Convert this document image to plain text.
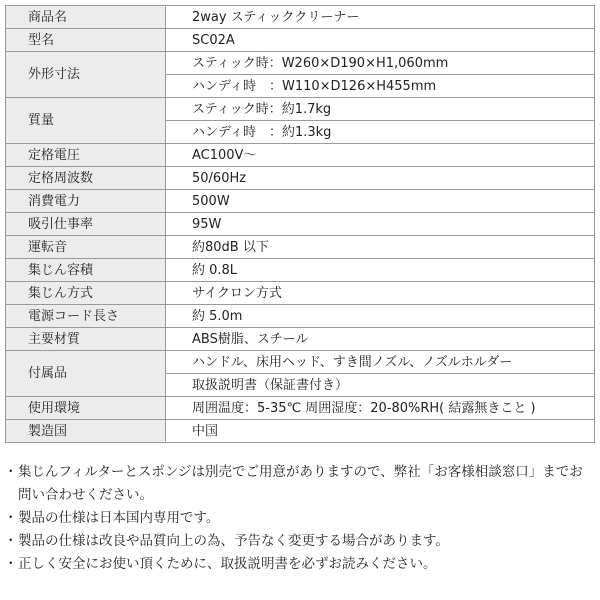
商品名	2way スティッククリーナー
型名	SC02A
外形寸法	スティック時：W260×D190×H1,060mm
	ハンディ時　：W110×D126×H455mm
質量	スティック時：約1.7kg
	ハンディ時　：約1.3kg
定格電圧	AC100V～
定格周波数	50/60Hz
消費電力	500W
吸引仕事率	95W
運転音	約80dB 以下
集じん容積	約 0.8L
集じん方式	サイクロン方式
電源コード長さ	約 5.0m
主要材質	ABS樹脂、スチール
付属品	ハンドル、床用ヘッド、すき間ノズル、ノズルホルダー
	取扱説明書（保証書付き）
使用環境	周囲温度：5-35℃ 周囲湿度：20-80%RH( 結露無きこと )
製造国	中国
・集じんフィルターとスポンジは別売でご用意がありますので、弊社「お客様相談窓口」までお問い合わせください。
・製品の仕様は日本国内専用です。
・製品の仕様は改良や品質向上の為、予告なく変更する場合があります。
・正しく安全にお使い頂くために、取扱説明書を必ずお読みください。
